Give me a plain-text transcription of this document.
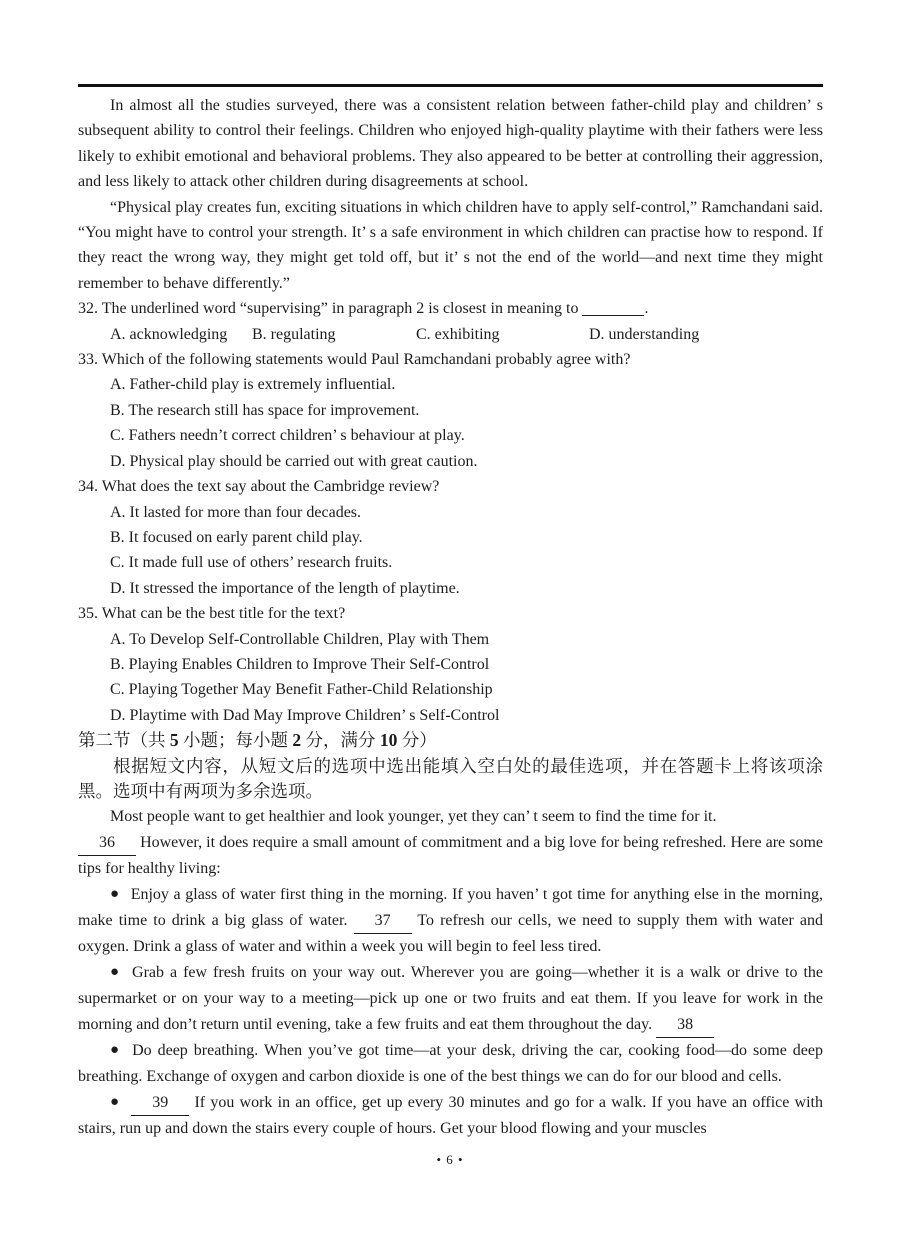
In almost all the studies surveyed, there was a consistent relation between father-child play and children’ s subsequent ability to control their feelings. Children who enjoyed high-quality playtime with their fathers were less likely to exhibit emotional and behavioral problems. They also appeared to be better at controlling their aggression, and less likely to attack other children during disagreements at school.
“Physical play creates fun, exciting situations in which children have to apply self-control,” Ramchandani said. “You might have to control your strength. It’ s a safe environment in which children can practise how to respond. If they react the wrong way, they might get told off, but it’ s not the end of the world—and next time they might remember to behave differently.”
32. The underlined word “supervising” in paragraph 2 is closest in meaning to	.
A. acknowledging	B. regulating	C. exhibiting	D. understanding
33. Which of the following statements would Paul Ramchandani probably agree with?
A. Father-child play is extremely influential.
B. The research still has space for improvement.
C. Fathers needn’t correct children’ s behaviour at play.
D. Physical play should be carried out with great caution.
34. What does the text say about the Cambridge review?
A. It lasted for more than four decades.
B. It focused on early parent child play.
C. It made full use of others’ research fruits.
D. It stressed the importance of the length of playtime.
35. What can be the best title for the text?
A. To Develop Self-Controllable Children, Play with Them
B. Playing Enables Children to Improve Their Self-Control
C. Playing Together May Benefit Father-Child Relationship
D. Playtime with Dad May Improve Children’ s Self-Control
第二节（共 5 小题；每小题 2 分，满分 10 分）
根据短文内容，从短文后的选项中选出能填入空白处的最佳选项，并在答题卡上将该项涂黑。选项中有两项为多余选项。
Most people want to get healthier and look younger, yet they can’ t seem to find the time for it.
36 However, it does require a small amount of commitment and a big love for being refreshed. Here are some tips for healthy living:
● Enjoy a glass of water first thing in the morning. If you haven’ t got time for anything else in the morning, make time to drink a big glass of water. 37 To refresh our cells, we need to supply them with water and oxygen. Drink a glass of water and within a week you will begin to feel less tired.
● Grab a few fresh fruits on your way out. Wherever you are going—whether it is a walk or drive to the supermarket or on your way to a meeting—pick up one or two fruits and eat them. If you leave for work in the morning and don’t return until evening, take a few fruits and eat them throughout the day. 38
● Do deep breathing. When you’ve got time—at your desk, driving the car, cooking food—do some deep breathing. Exchange of oxygen and carbon dioxide is one of the best things we can do for our blood and cells.
● 39 If you work in an office, get up every 30 minutes and go for a walk. If you have an office with stairs, run up and down the stairs every couple of hours. Get your blood flowing and your muscles
• 6 •
